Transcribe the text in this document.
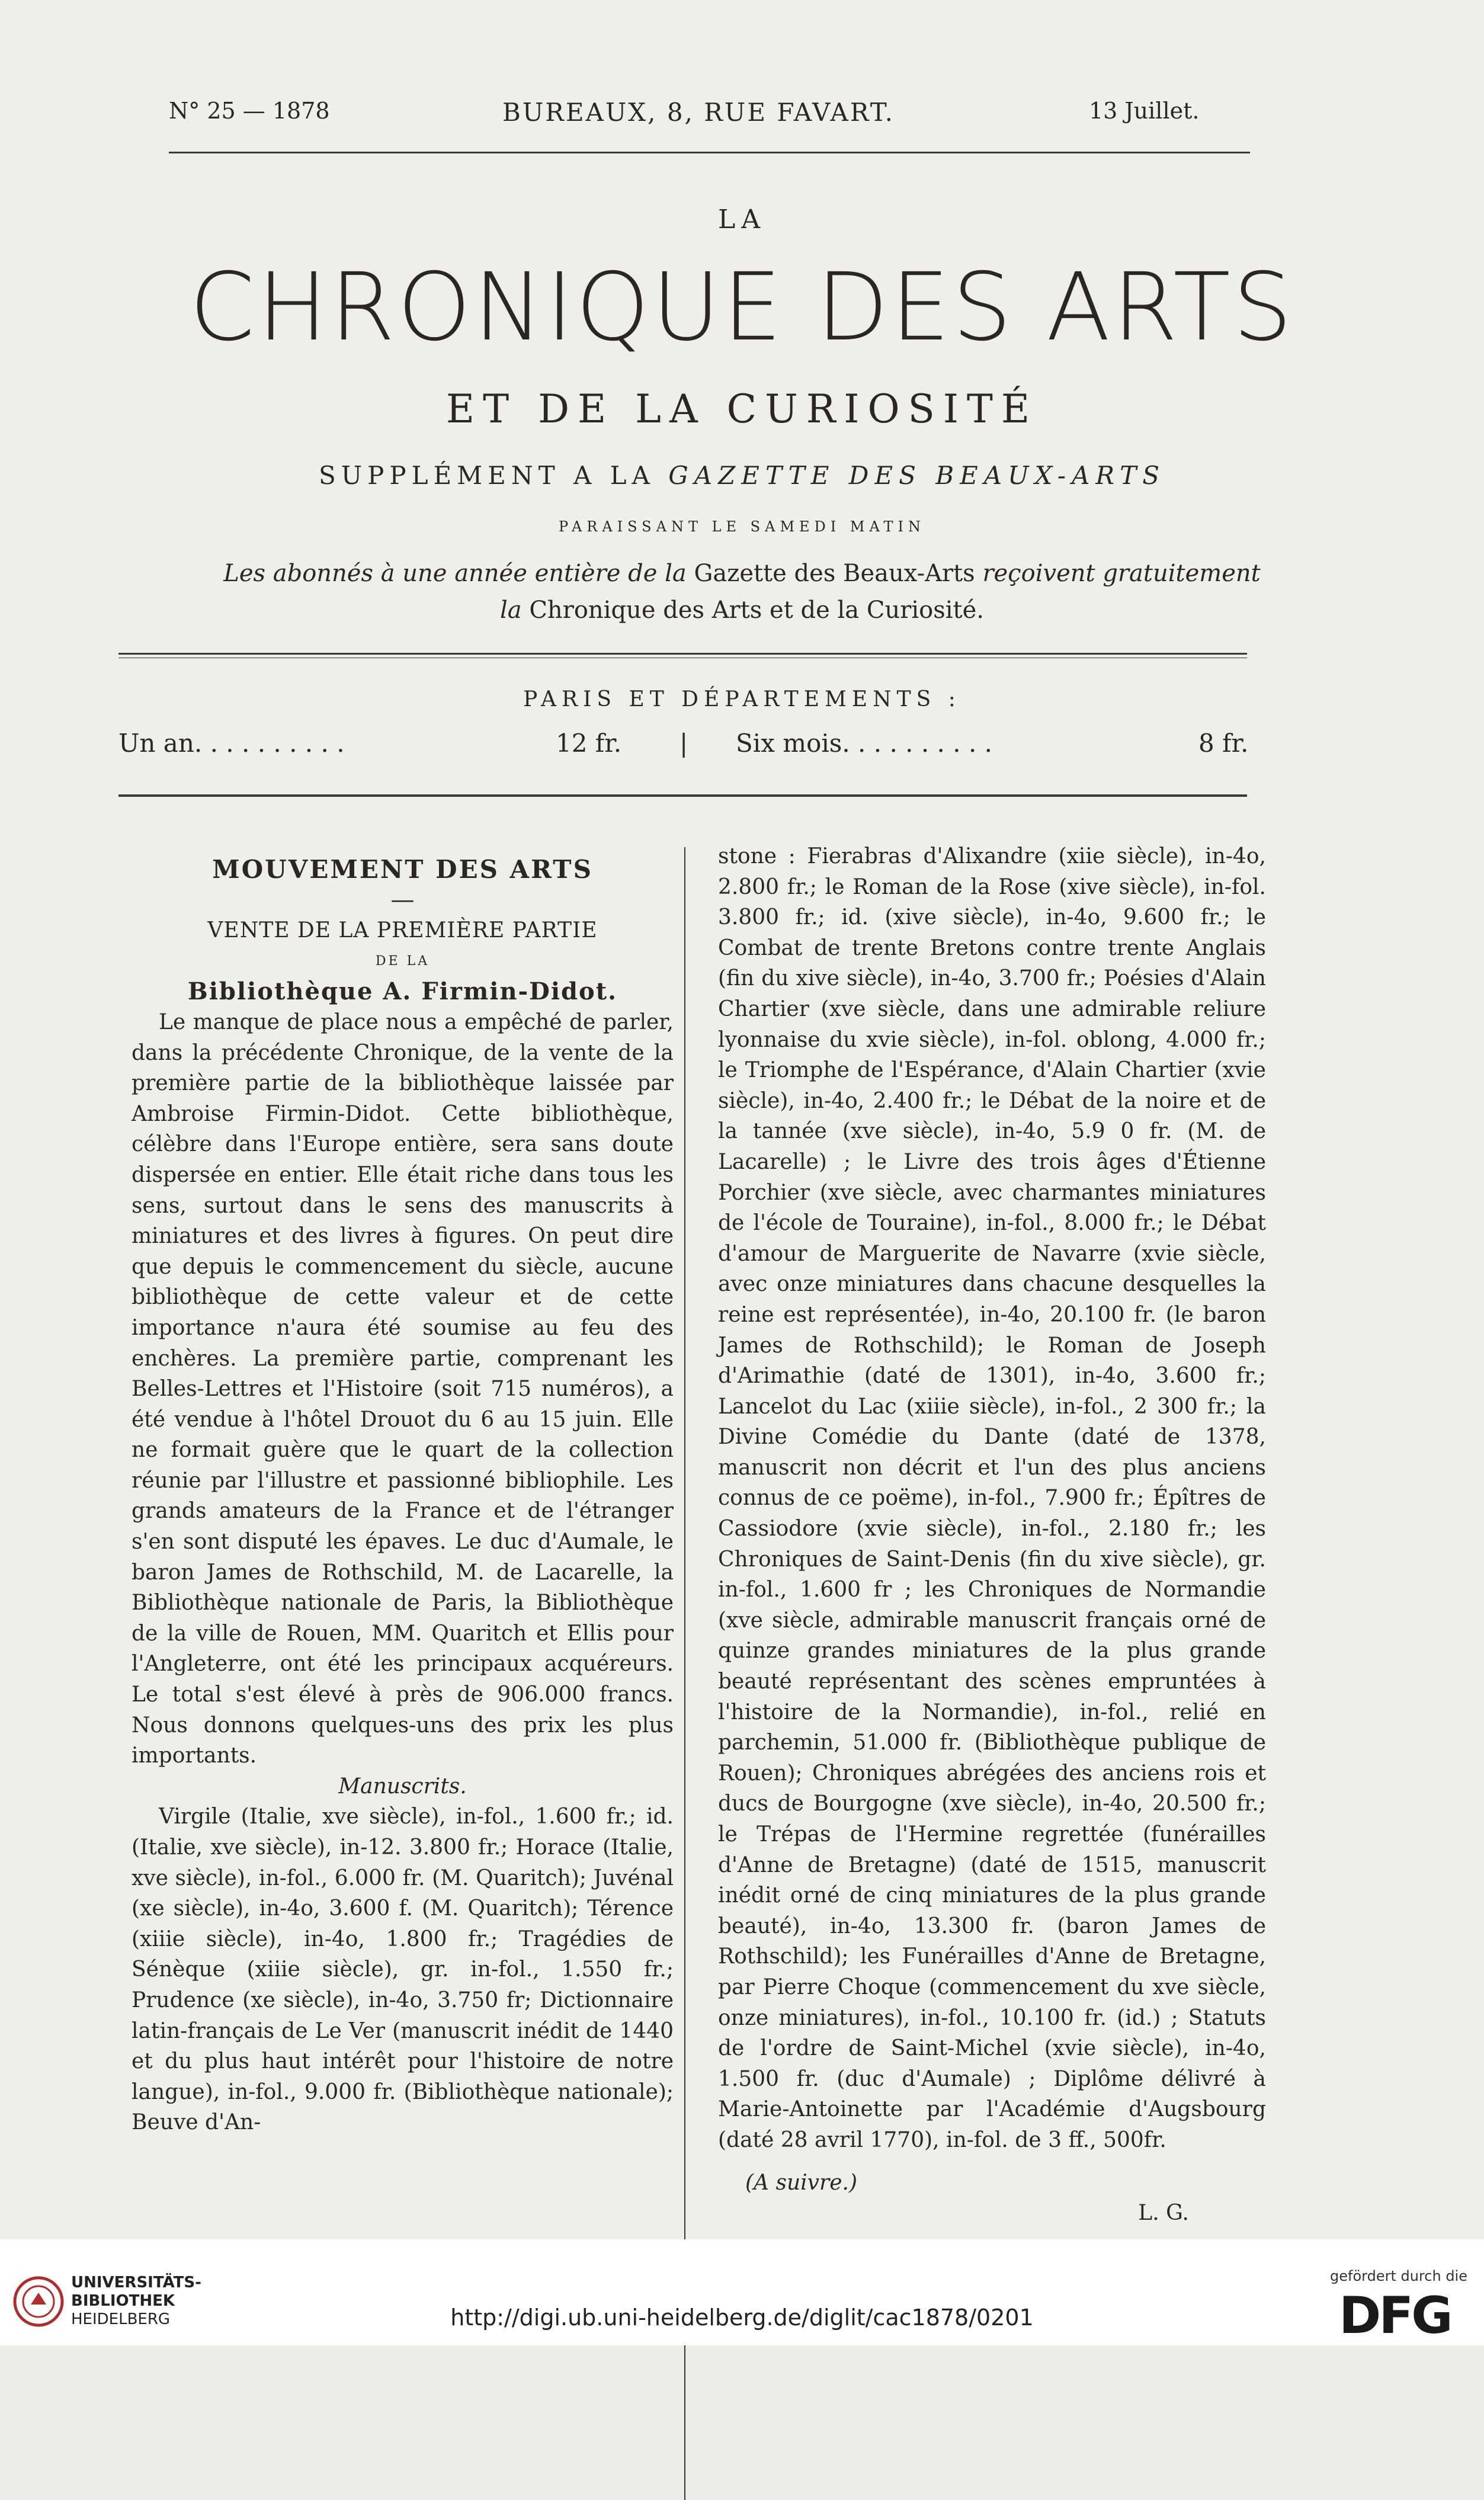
N° 25 — 1878	BUREAUX, 8, RUE FAVART.	13 Juillet.
LA
CHRONIQUE DES ARTS
ET DE LA CURIOSITÉ
SUPPLÉMENT A LA GAZETTE DES BEAUX-ARTS
PARAISSANT LE SAMEDI MATIN
Les abonnés à une année entière de la Gazette des Beaux-Arts reçoivent gratuitement
la Chronique des Arts et de la Curiosité.
PARIS ET DÉPARTEMENTS :
Un an. . . . . . . . . .	12 fr. | Six mois. . . . . . . . . .	8 fr.

MOUVEMENT DES ARTS

—

VENTE DE LA PREMIÈRE PARTIE

DE LA

Bibliothèque A. Firmin-Didot.

Le manque de place nous a empêché de parler, dans la précédente Chronique, de la vente de la première partie de la bibliothèque laissée par Ambroise Firmin-Didot. Cette bibliothèque, célèbre dans l'Europe entière, sera sans doute dispersée en entier. Elle était riche dans tous les sens, surtout dans le sens des manuscrits à miniatures et des livres à figures. On peut dire que depuis le commencement du siècle, aucune bibliothèque de cette valeur et de cette importance n'aura été soumise au feu des enchères. La première partie, comprenant les Belles-Lettres et l'Histoire (soit 715 numéros), a été vendue à l'hôtel Drouot du 6 au 15 juin. Elle ne formait guère que le quart de la collection réunie par l'illustre et passionné bibliophile. Les grands amateurs de la France et de l'étranger s'en sont disputé les épaves. Le duc d'Aumale, le baron James de Rothschild, M. de Lacarelle, la Bibliothèque nationale de Paris, la Bibliothèque de la ville de Rouen, MM. Quaritch et Ellis pour l'Angleterre, ont été les principaux acquéreurs. Le total s'est élevé à près de 906.000 francs. Nous donnons quelques-uns des prix les plus importants.

Manuscrits.

Virgile (Italie, xve siècle), in-fol., 1.600 fr.; id. (Italie, xve siècle), in-12. 3.800 fr.; Horace (Italie, xve siècle), in-fol., 6.000 fr. (M. Quaritch); Juvénal (xe siècle), in-4o, 3.600 f. (M. Quaritch); Térence (xiiie siècle), in-4o, 1.800 fr.; Tragédies de Sénèque (xiiie siècle), gr. in-fol., 1.550 fr.; Prudence (xe siècle), in-4o, 3.750 fr; Dictionnaire latin-français de Le Ver (manuscrit inédit de 1440 et du plus haut intérêt pour l'histoire de notre langue), in-fol., 9.000 fr. (Bibliothèque nationale); Beuve d'An-

stone : Fierabras d'Alixandre (xiie siècle), in-4o, 2.800 fr.; le Roman de la Rose (xive siècle), in-fol. 3.800 fr.; id. (xive siècle), in-4o, 9.600 fr.; le Combat de trente Bretons contre trente Anglais (fin du xive siècle), in-4o, 3.700 fr.; Poésies d'Alain Chartier (xve siècle, dans une admirable reliure lyonnaise du xvie siècle), in-fol. oblong, 4.000 fr.; le Triomphe de l'Espérance, d'Alain Chartier (xvie siècle), in-4o, 2.400 fr.; le Débat de la noire et de la tannée (xve siècle), in-4o, 5.9 0 fr. (M. de Lacarelle) ; le Livre des trois âges d'Étienne Porchier (xve siècle, avec charmantes miniatures de l'école de Touraine), in-fol., 8.000 fr.; le Débat d'amour de Marguerite de Navarre (xvie siècle, avec onze miniatures dans chacune desquelles la reine est représentée), in-4o, 20.100 fr. (le baron James de Rothschild); le Roman de Joseph d'Arimathie (daté de 1301), in-4o, 3.600 fr.; Lancelot du Lac (xiiie siècle), in-fol., 2 300 fr.; la Divine Comédie du Dante (daté de 1378, manuscrit non décrit et l'un des plus anciens connus de ce poëme), in-fol., 7.900 fr.; Épîtres de Cassiodore (xvie siècle), in-fol., 2.180 fr.; les Chroniques de Saint-Denis (fin du xive siècle), gr. in-fol., 1.600 fr ; les Chroniques de Normandie (xve siècle, admirable manuscrit français orné de quinze grandes miniatures de la plus grande beauté représentant des scènes empruntées à l'histoire de la Normandie), in-fol., relié en parchemin, 51.000 fr. (Bibliothèque publique de Rouen); Chroniques abrégées des anciens rois et ducs de Bourgogne (xve siècle), in-4o, 20.500 fr.; le Trépas de l'Hermine regrettée (funérailles d'Anne de Bretagne) (daté de 1515, manuscrit inédit orné de cinq miniatures de la plus grande beauté), in-4o, 13.300 fr. (baron James de Rothschild); les Funérailles d'Anne de Bretagne, par Pierre Choque (commencement du xve siècle, onze miniatures), in-fol., 10.100 fr. (id.) ; Statuts de l'ordre de Saint-Michel (xvie siècle), in-4o, 1.500 fr. (duc d'Aumale) ; Diplôme délivré à Marie-Antoinette par l'Académie d'Augsbourg (daté 28 avril 1770), in-fol. de 3 ff., 500fr.

(A suivre.)

L. G.

UNIVERSITÄTS-
BIBLIOTHEK
HEIDELBERG	http://digi.ub.uni-heidelberg.de/diglit/cac1878/0201
gefördert durch die
DFG
